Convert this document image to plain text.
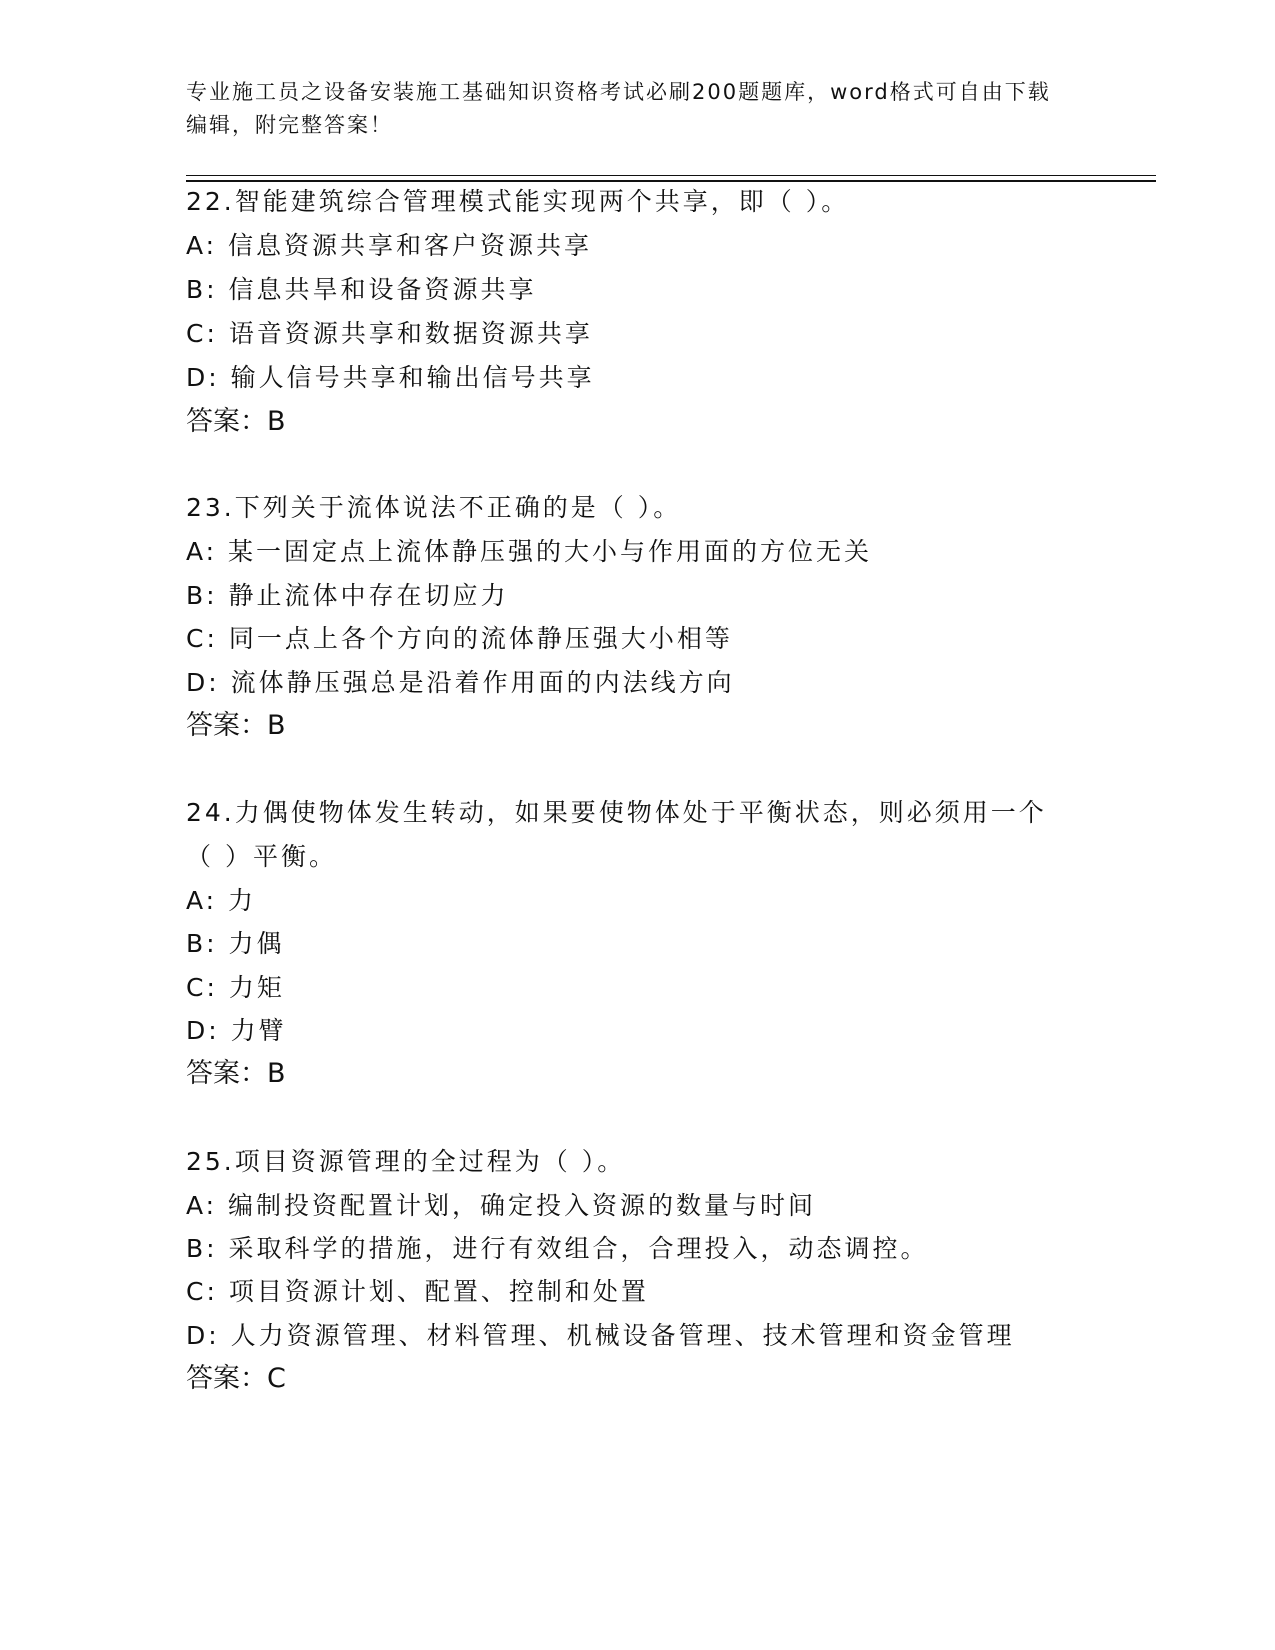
专业施工员之设备安装施工基础知识资格考试必刷200题题库，word格式可自由下载编辑，附完整答案！
22.智能建筑综合管理模式能实现两个共享，即（ ）。
A: 信息资源共享和客户资源共享
B: 信息共旱和设备资源共享
C: 语音资源共享和数据资源共享
D: 输人信号共享和输出信号共享
答案：B
23.下列关于流体说法不正确的是（ ）。
A: 某一固定点上流体静压强的大小与作用面的方位无关
B: 静止流体中存在切应力
C: 同一点上各个方向的流体静压强大小相等
D: 流体静压强总是沿着作用面的内法线方向
答案：B
24.力偶使物体发生转动，如果要使物体处于平衡状态，则必须用一个
（ ）平衡。
A: 力
B: 力偶
C: 力矩
D: 力臂
答案：B
25.项目资源管理的全过程为（ ）。
A: 编制投资配置计划，确定投入资源的数量与时间
B: 采取科学的措施，进行有效组合，合理投入，动态调控。
C: 项目资源计划、配置、控制和处置
D: 人力资源管理、材料管理、机械设备管理、技术管理和资金管理
答案：C
